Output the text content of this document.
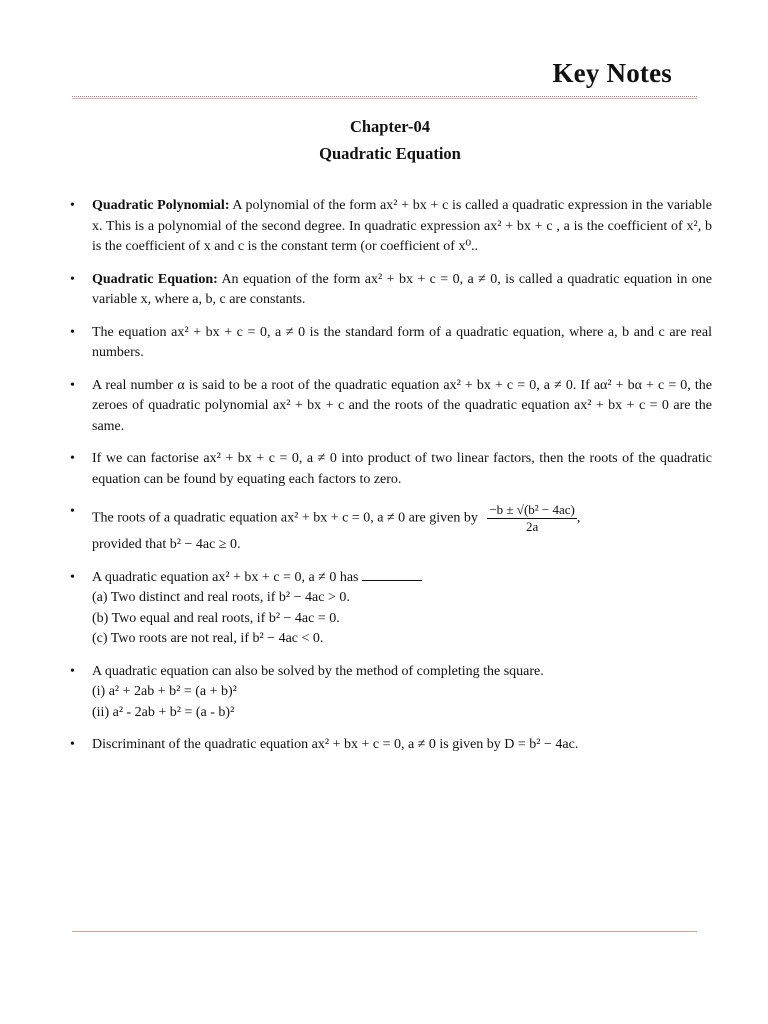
Key Notes
Chapter-04
Quadratic Equation

• Quadratic Polynomial: A polynomial of the form ax² + bx + c is called a quadratic expression in the variable x. This is a polynomial of the second degree. In quadratic expression ax² + bx + c , a is the coefficient of x², b is the coefficient of x and c is the constant term (or coefficient of x⁰..

• Quadratic Equation: An equation of the form ax² + bx + c = 0, a ≠ 0, is called a quadratic equation in one variable x, where a, b, c are constants.

• The equation ax² + bx + c = 0, a ≠ 0 is the standard form of a quadratic equation, where a, b and c are real numbers.

• A real number α is said to be a root of the quadratic equation ax² + bx + c = 0, a ≠ 0. If aα² + bα + c = 0, the zeroes of quadratic polynomial ax² + bx + c and the roots of the quadratic equation ax² + bx + c = 0 are the same.

• If we can factorise ax² + bx + c = 0, a ≠ 0 into product of two linear factors, then the roots of the quadratic equation can be found by equating each factors to zero.

• The roots of a quadratic equation ax² + bx + c = 0, a ≠ 0 are given by $\frac{\text{−b ± √(b² − 4ac)}}{2a}$ ,

provided that b² − 4ac ≥ 0.

• A quadratic equation ax² + bx + c = 0, a ≠ 0 has

(a) Two distinct and real roots, if b² − 4ac > 0.

(b) Two equal and real roots, if b² − 4ac = 0.

(c) Two roots are not real, if b² − 4ac < 0.

• A quadratic equation can also be solved by the method of completing the square.

(i) a² + 2ab + b² = (a + b)²

(ii) a² - 2ab + b² = (a - b)²

• Discriminant of the quadratic equation ax² + bx + c = 0, a ≠ 0 is given by D = b² − 4ac.
